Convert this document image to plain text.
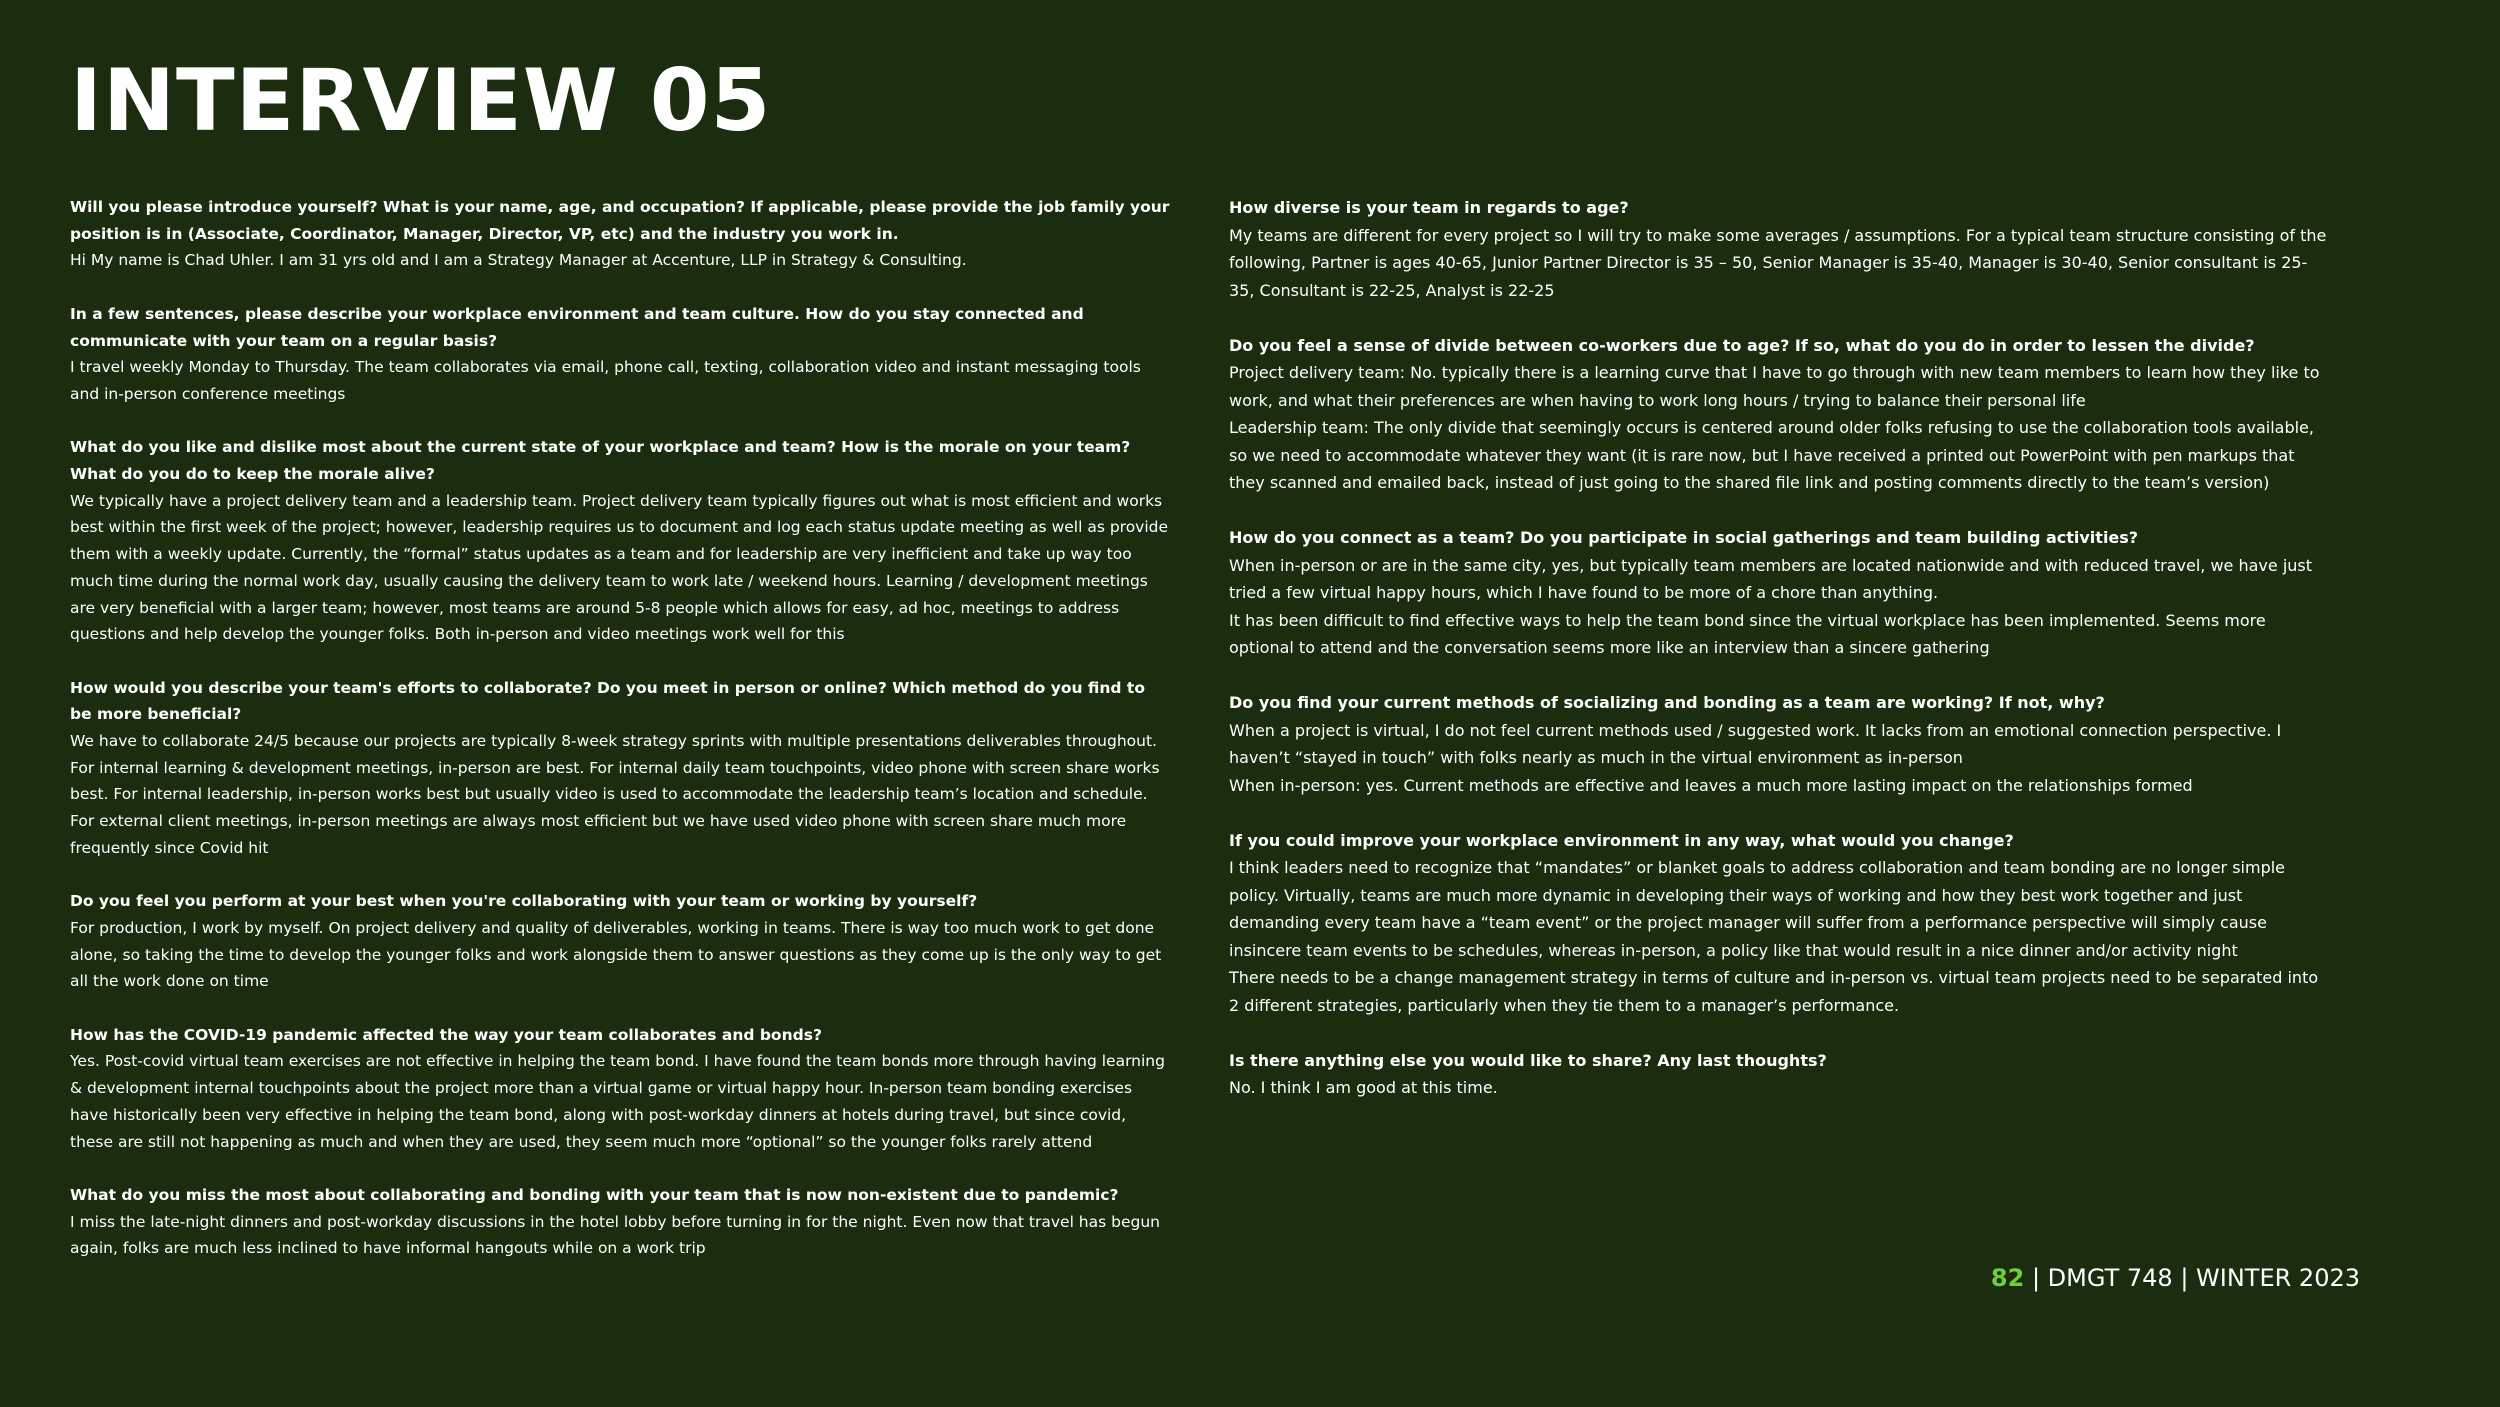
INTERVIEW 05

Will you please introduce yourself? What is your name, age, and occupation? If applicable, please provide the job family your position is in (Associate, Coordinator, Manager, Director, VP, etc) and the industry you work in.

Hi My name is Chad Uhler. I am 31 yrs old and I am a Strategy Manager at Accenture, LLP in Strategy & Consulting.

In a few sentences, please describe your workplace environment and team culture. How do you stay connected and communicate with your team on a regular basis?

I travel weekly Monday to Thursday. The team collaborates via email, phone call, texting, collaboration video and instant messaging tools and in-person conference meetings

What do you like and dislike most about the current state of your workplace and team? How is the morale on your team? What do you do to keep the morale alive?

We typically have a project delivery team and a leadership team. Project delivery team typically figures out what is most efficient and works best within the first week of the project; however, leadership requires us to document and log each status update meeting as well as provide them with a weekly update. Currently, the “formal” status updates as a team and for leadership are very inefficient and take up way too much time during the normal work day, usually causing the delivery team to work late / weekend hours. Learning / development meetings are very beneficial with a larger team; however, most teams are around 5-8 people which allows for easy, ad hoc, meetings to address questions and help develop the younger folks. Both in-person and video meetings work well for this

How would you describe your team's efforts to collaborate? Do you meet in person or online? Which method do you find to be more beneficial?

We have to collaborate 24/5 because our projects are typically 8-week strategy sprints with multiple presentations deliverables throughout. For internal learning & development meetings, in-person are best. For internal daily team touchpoints, video phone with screen share works best. For internal leadership, in-person works best but usually video is used to accommodate the leadership team’s location and schedule. For external client meetings, in-person meetings are always most efficient but we have used video phone with screen share much more frequently since Covid hit

Do you feel you perform at your best when you're collaborating with your team or working by yourself?

For production, I work by myself. On project delivery and quality of deliverables, working in teams. There is way too much work to get done alone, so taking the time to develop the younger folks and work alongside them to answer questions as they come up is the only way to get all the work done on time

How has the COVID-19 pandemic affected the way your team collaborates and bonds?

Yes. Post-covid virtual team exercises are not effective in helping the team bond. I have found the team bonds more through having learning & development internal touchpoints about the project more than a virtual game or virtual happy hour. In-person team bonding exercises have historically been very effective in helping the team bond, along with post-workday dinners at hotels during travel, but since covid, these are still not happening as much and when they are used, they seem much more “optional” so the younger folks rarely attend

What do you miss the most about collaborating and bonding with your team that is now non-existent due to pandemic?

I miss the late-night dinners and post-workday discussions in the hotel lobby before turning in for the night. Even now that travel has begun again, folks are much less inclined to have informal hangouts while on a work trip

How diverse is your team in regards to age?

My teams are different for every project so I will try to make some averages / assumptions. For a typical team structure consisting of the following, Partner is ages 40-65, Junior Partner Director is 35 – 50, Senior Manager is 35-40, Manager is 30-40, Senior consultant is 25-35, Consultant is 22-25, Analyst is 22-25

Do you feel a sense of divide between co-workers due to age? If so, what do you do in order to lessen the divide?

Project delivery team: No. typically there is a learning curve that I have to go through with new team members to learn how they like to work, and what their preferences are when having to work long hours / trying to balance their personal life

Leadership team: The only divide that seemingly occurs is centered around older folks refusing to use the collaboration tools available, so we need to accommodate whatever they want (it is rare now, but I have received a printed out PowerPoint with pen markups that they scanned and emailed back, instead of just going to the shared file link and posting comments directly to the team’s version)

How do you connect as a team? Do you participate in social gatherings and team building activities?

When in-person or are in the same city, yes, but typically team members are located nationwide and with reduced travel, we have just tried a few virtual happy hours, which I have found to be more of a chore than anything.

It has been difficult to find effective ways to help the team bond since the virtual workplace has been implemented. Seems more optional to attend and the conversation seems more like an interview than a sincere gathering

Do you find your current methods of socializing and bonding as a team are working? If not, why?

When a project is virtual, I do not feel current methods used / suggested work. It lacks from an emotional connection perspective. I haven’t “stayed in touch” with folks nearly as much in the virtual environment as in-person

When in-person: yes. Current methods are effective and leaves a much more lasting impact on the relationships formed

If you could improve your workplace environment in any way, what would you change?

I think leaders need to recognize that “mandates” or blanket goals to address collaboration and team bonding are no longer simple policy. Virtually, teams are much more dynamic in developing their ways of working and how they best work together and just demanding every team have a “team event” or the project manager will suffer from a performance perspective will simply cause insincere team events to be schedules, whereas in-person, a policy like that would result in a nice dinner and/or activity night

There needs to be a change management strategy in terms of culture and in-person vs. virtual team projects need to be separated into 2 different strategies, particularly when they tie them to a manager’s performance.

Is there anything else you would like to share? Any last thoughts?

No. I think I am good at this time.

82 | DMGT 748 | WINTER 2023
